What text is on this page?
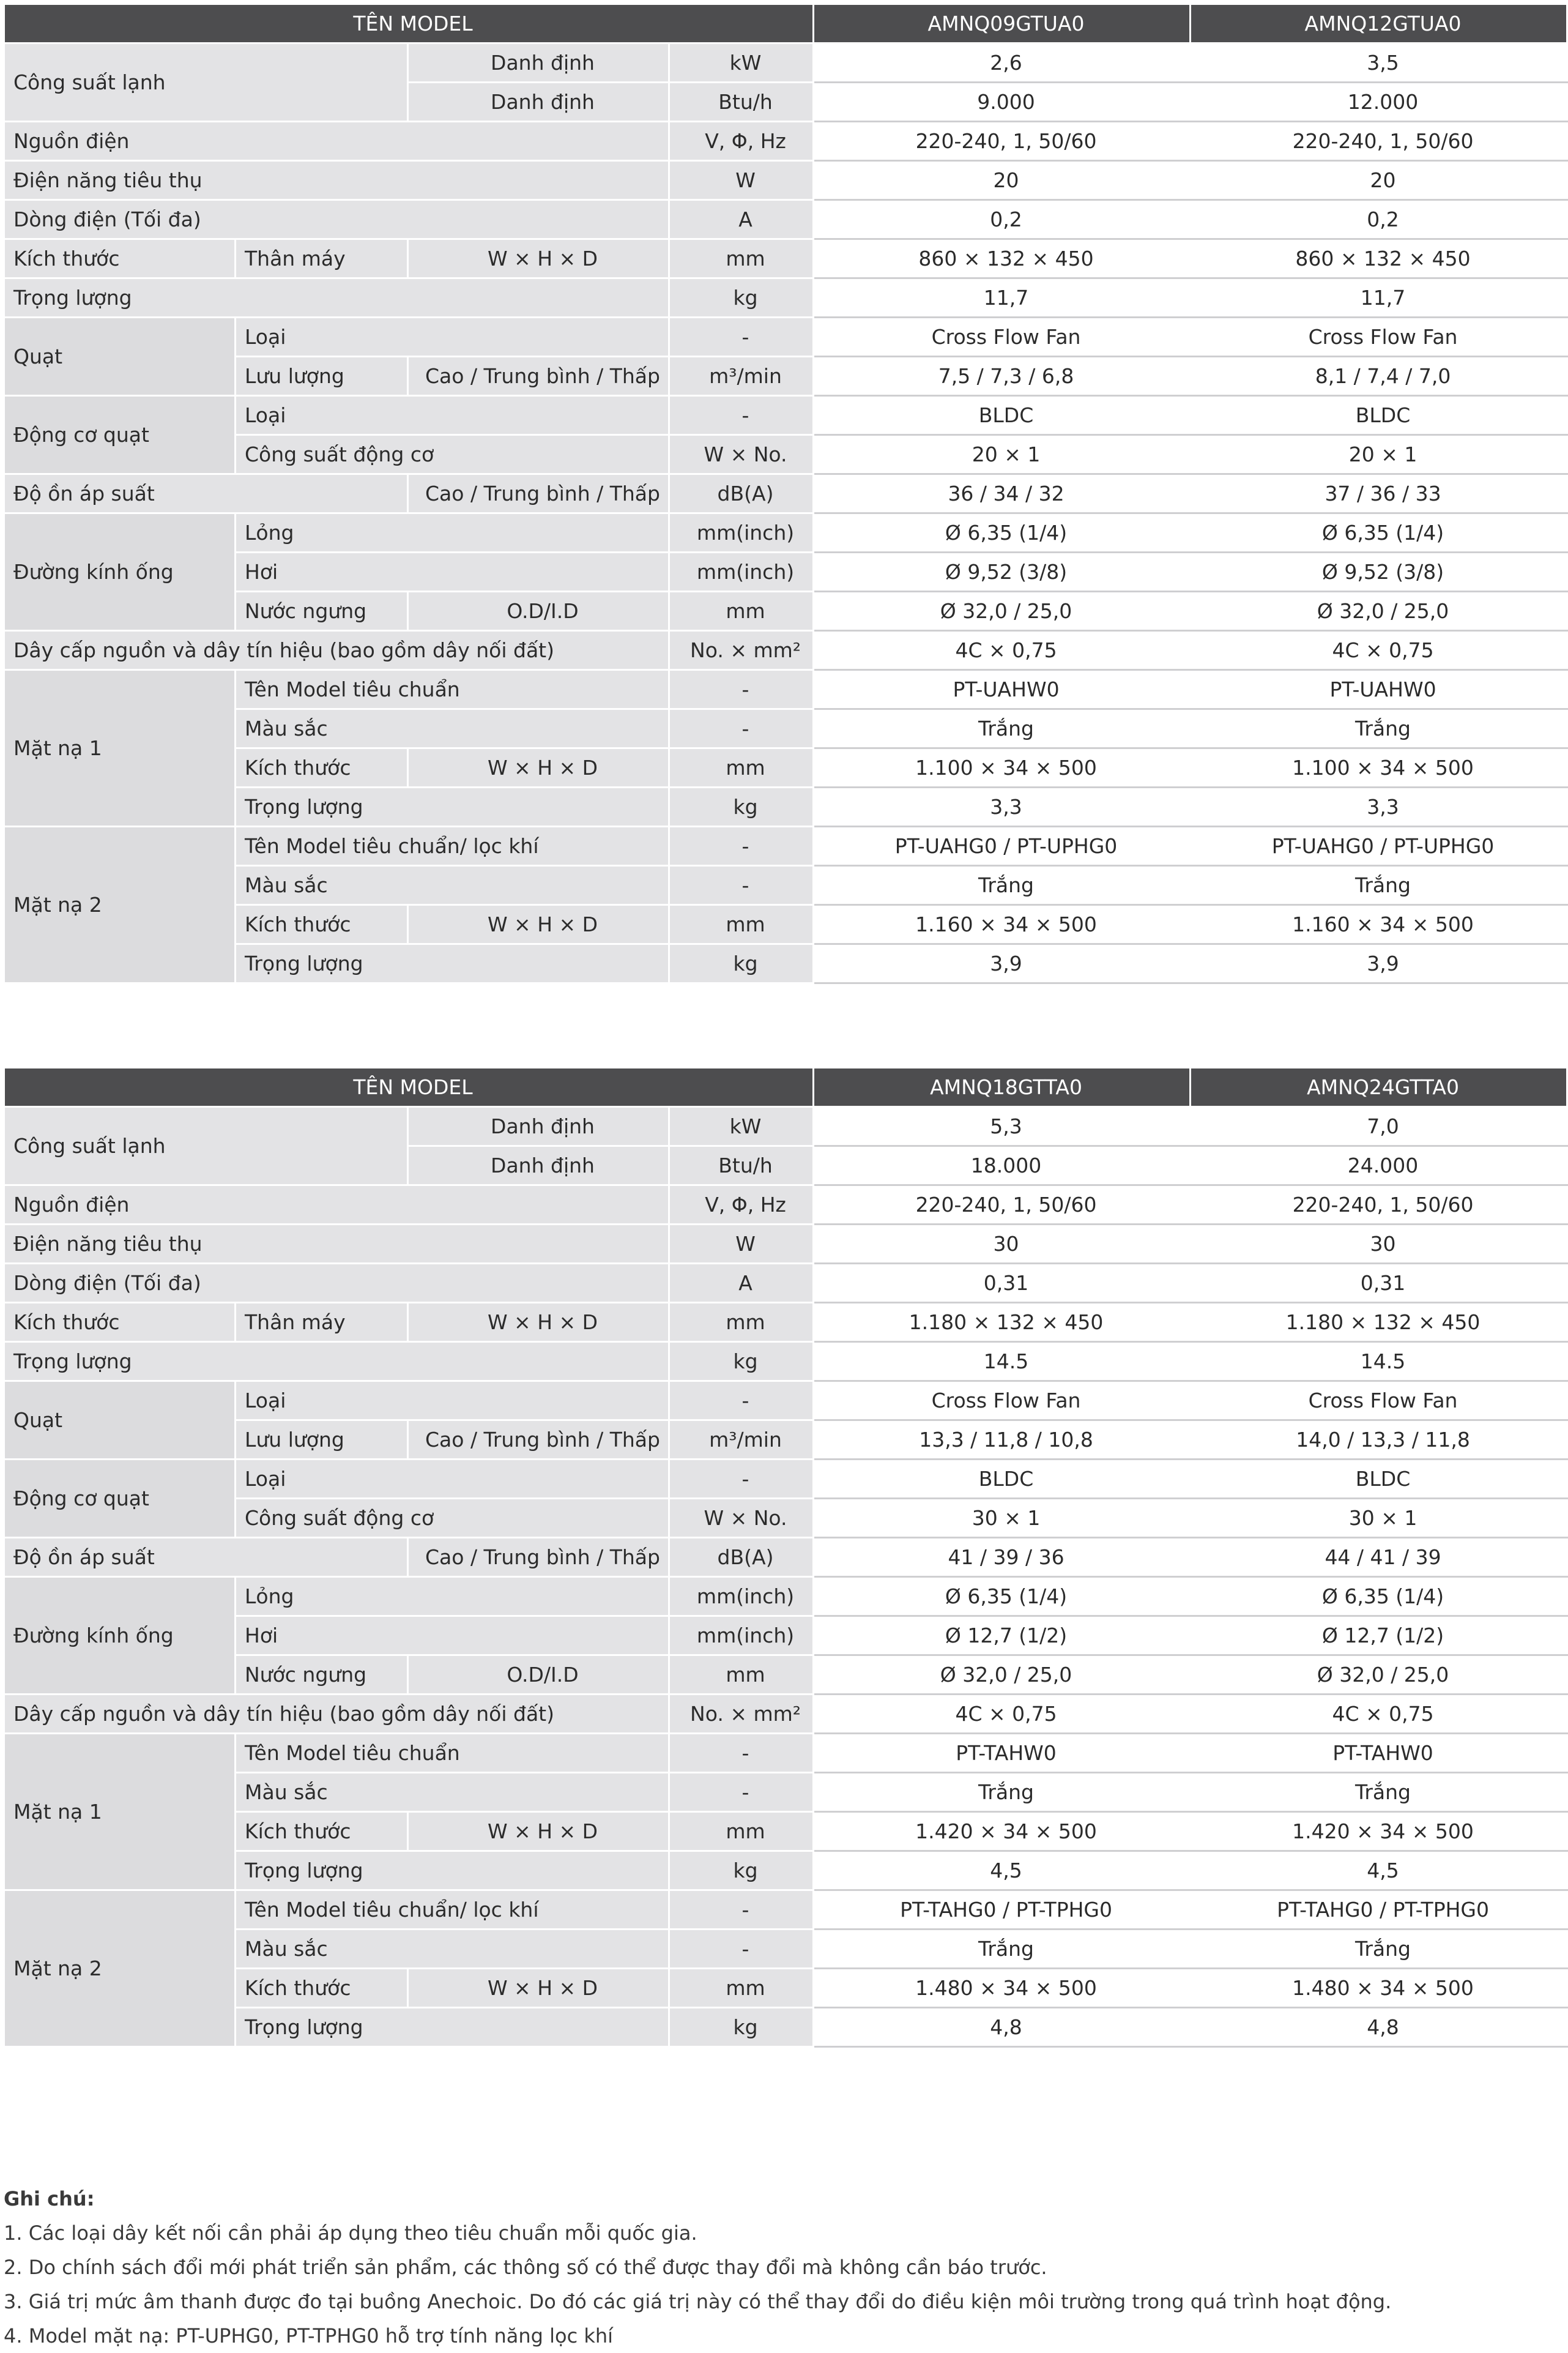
TÊN MODEL				AMNQ09GTUA0	AMNQ12GTUA0
Công suất lạnh		Danh định	kW	2,6	3,5
		Danh định	Btu/h	9.000	12.000
Nguồn điện			V, Φ, Hz	220-240, 1, 50/60	220-240, 1, 50/60
Điện năng tiêu thụ			W	20	20
Dòng điện (Tối đa)			A	0,2	0,2
Kích thước	Thân máy	W × H × D	mm	860 × 132 × 450	860 × 132 × 450
Trọng lượng			kg	11,7	11,7
Quạt	Loại		-	Cross Flow Fan	Cross Flow Fan
	Lưu lượng	Cao / Trung bình / Thấp	m³/min	7,5 / 7,3 / 6,8	8,1 / 7,4 / 7,0
Động cơ quạt	Loại		-	BLDC	BLDC
	Công suất động cơ		W × No.	20 × 1	20 × 1
Độ ồn áp suất		Cao / Trung bình / Thấp	dB(A)	36 / 34 / 32	37 / 36 / 33
Đường kính ống	Lỏng		mm(inch)	Ø 6,35 (1/4)	Ø 6,35 (1/4)
	Hơi		mm(inch)	Ø 9,52 (3/8)	Ø 9,52 (3/8)
	Nước ngưng	O.D/I.D	mm	Ø 32,0 / 25,0	Ø 32,0 / 25,0
Dây cấp nguồn và dây tín hiệu (bao gồm dây nối đất)			No. × mm²	4C × 0,75	4C × 0,75
Mặt nạ 1	Tên Model tiêu chuẩn		-	PT-UAHW0	PT-UAHW0
	Màu sắc		-	Trắng	Trắng
	Kích thước	W × H × D	mm	1.100 × 34 × 500	1.100 × 34 × 500
	Trọng lượng		kg	3,3	3,3
Mặt nạ 2	Tên Model tiêu chuẩn/ lọc khí		-	PT-UAHG0 / PT-UPHG0	PT-UAHG0 / PT-UPHG0
	Màu sắc		-	Trắng	Trắng
	Kích thước	W × H × D	mm	1.160 × 34 × 500	1.160 × 34 × 500
	Trọng lượng		kg	3,9	3,9
TÊN MODEL				AMNQ18GTTA0	AMNQ24GTTA0
Công suất lạnh		Danh định	kW	5,3	7,0
		Danh định	Btu/h	18.000	24.000
Nguồn điện			V, Φ, Hz	220-240, 1, 50/60	220-240, 1, 50/60
Điện năng tiêu thụ			W	30	30
Dòng điện (Tối đa)			A	0,31	0,31
Kích thước	Thân máy	W × H × D	mm	1.180 × 132 × 450	1.180 × 132 × 450
Trọng lượng			kg	14.5	14.5
Quạt	Loại		-	Cross Flow Fan	Cross Flow Fan
	Lưu lượng	Cao / Trung bình / Thấp	m³/min	13,3 / 11,8 / 10,8	14,0 / 13,3 / 11,8
Động cơ quạt	Loại		-	BLDC	BLDC
	Công suất động cơ		W × No.	30 × 1	30 × 1
Độ ồn áp suất		Cao / Trung bình / Thấp	dB(A)	41 / 39 / 36	44 / 41 / 39
Đường kính ống	Lỏng		mm(inch)	Ø 6,35 (1/4)	Ø 6,35 (1/4)
	Hơi		mm(inch)	Ø 12,7 (1/2)	Ø 12,7 (1/2)
	Nước ngưng	O.D/I.D	mm	Ø 32,0 / 25,0	Ø 32,0 / 25,0
Dây cấp nguồn và dây tín hiệu (bao gồm dây nối đất)			No. × mm²	4C × 0,75	4C × 0,75
Mặt nạ 1	Tên Model tiêu chuẩn		-	PT-TAHW0	PT-TAHW0
	Màu sắc		-	Trắng	Trắng
	Kích thước	W × H × D	mm	1.420 × 34 × 500	1.420 × 34 × 500
	Trọng lượng		kg	4,5	4,5
Mặt nạ 2	Tên Model tiêu chuẩn/ lọc khí		-	PT-TAHG0 / PT-TPHG0	PT-TAHG0 / PT-TPHG0
	Màu sắc		-	Trắng	Trắng
	Kích thước	W × H × D	mm	1.480 × 34 × 500	1.480 × 34 × 500
	Trọng lượng		kg	4,8	4,8
Ghi chú:
1. Các loại dây kết nối cần phải áp dụng theo tiêu chuẩn mỗi quốc gia.
2. Do chính sách đổi mới phát triển sản phẩm, các thông số có thể được thay đổi mà không cần báo trước.
3. Giá trị mức âm thanh được đo tại buồng Anechoic. Do đó các giá trị này có thể thay đổi do điều kiện môi trường trong quá trình hoạt động.
4. Model mặt nạ: PT-UPHG0, PT-TPHG0 hỗ trợ tính năng lọc khí
